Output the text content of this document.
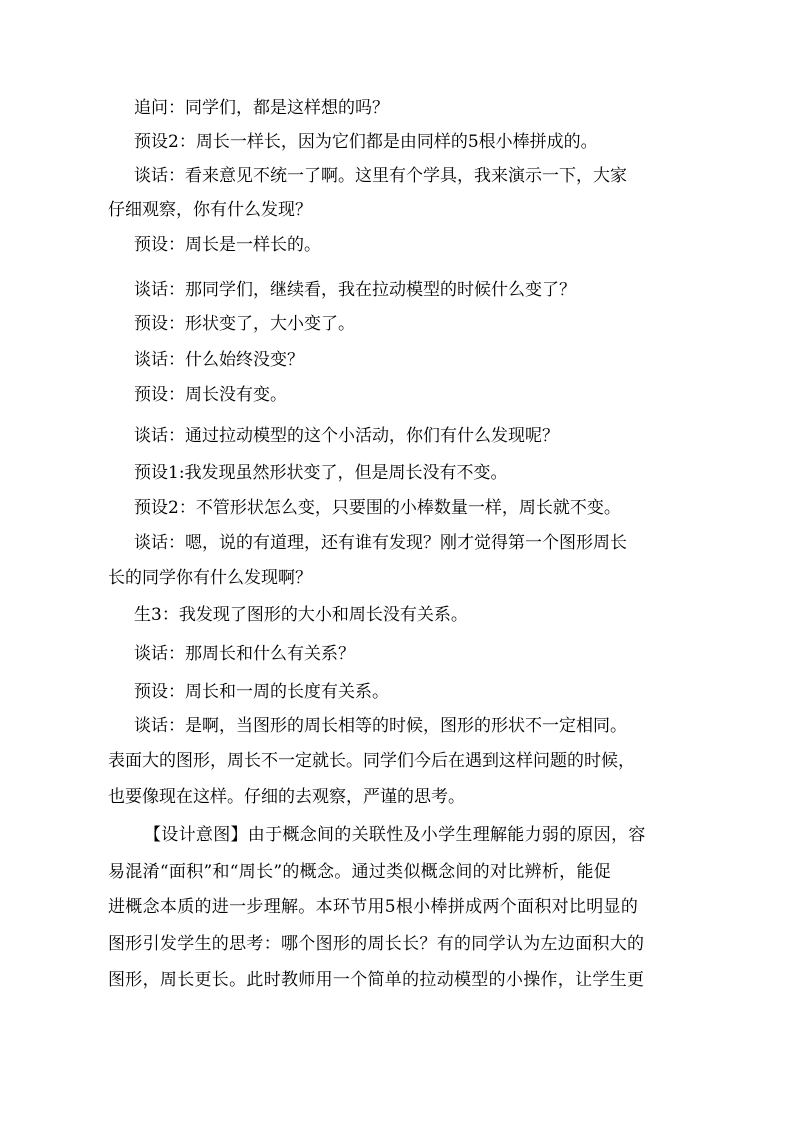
追问：同学们，都是这样想的吗？
预设2：周长一样长，因为它们都是由同样的5根小棒拼成的。
谈话：看来意见不统一了啊。这里有个学具，我来演示一下，大家
仔细观察，你有什么发现？
预设：周长是一样长的。
谈话：那同学们，继续看，我在拉动模型的时候什么变了？
预设：形状变了，大小变了。
谈话：什么始终没变？
预设：周长没有变。
谈话：通过拉动模型的这个小活动，你们有什么发现呢？
预设1:我发现虽然形状变了，但是周长没有不变。
预设2：不管形状怎么变，只要围的小棒数量一样，周长就不变。
谈话：嗯，说的有道理，还有谁有发现？刚才觉得第一个图形周长
长的同学你有什么发现啊？
生3：我发现了图形的大小和周长没有关系。
谈话：那周长和什么有关系？
预设：周长和一周的长度有关系。
谈话：是啊，当图形的周长相等的时候，图形的形状不一定相同。
表面大的图形，周长不一定就长。同学们今后在遇到这样问题的时候，
也要像现在这样。仔细的去观察，严谨的思考。
【设计意图】由于概念间的关联性及小学生理解能力弱的原因，容
易混淆“面积”和“周长”的概念。通过类似概念间的对比辨析，能促
进概念本质的进一步理解。本环节用5根小棒拼成两个面积对比明显的
图形引发学生的思考：哪个图形的周长长？有的同学认为左边面积大的
图形，周长更长。此时教师用一个简单的拉动模型的小操作，让学生更
